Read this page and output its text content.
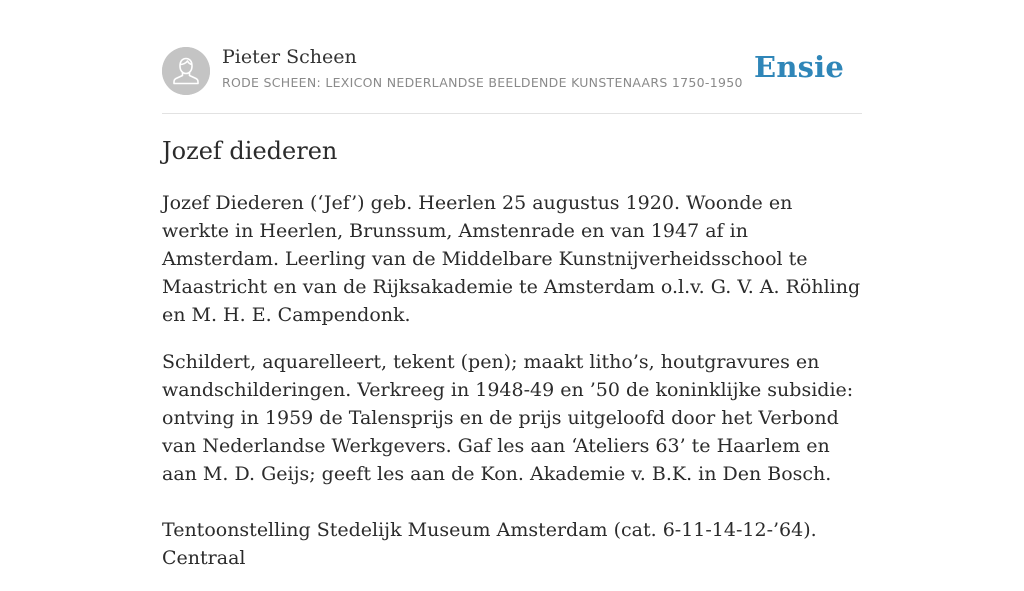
Pieter Scheen
RODE SCHEEN: LEXICON NEDERLANDSE BEELDENDE KUNSTENAARS 1750-1950 Ensie
Jozef diederen

Jozef Diederen (‘Jef’) geb. Heerlen 25 augustus 1920. Woonde en werkte in Heerlen, Brunssum, Amstenrade en van 1947 af in Amsterdam. Leerling van de Middelbare Kunstnijverheidsschool te Maastricht en van de Rijksakademie te Amsterdam o.l.v. G. V. A. Röhling en M. H. E. Campendonk.

Schildert, aquarelleert, tekent (pen); maakt litho’s, houtgravures en wandschilderingen. Verkreeg in 1948-49 en ’50 de koninklijke subsidie: ontving in 1959 de Talensprijs en de prijs uitgeloofd door het Verbond van Nederlandse Werkgevers. Gaf les aan ‘Ateliers 63’ te Haarlem en aan M. D. Geijs; geeft les aan de Kon. Akademie v. B.K. in Den Bosch.

Tentoonstelling Stedelijk Museum Amsterdam (cat. 6-11-14-12-’64). Centraal
